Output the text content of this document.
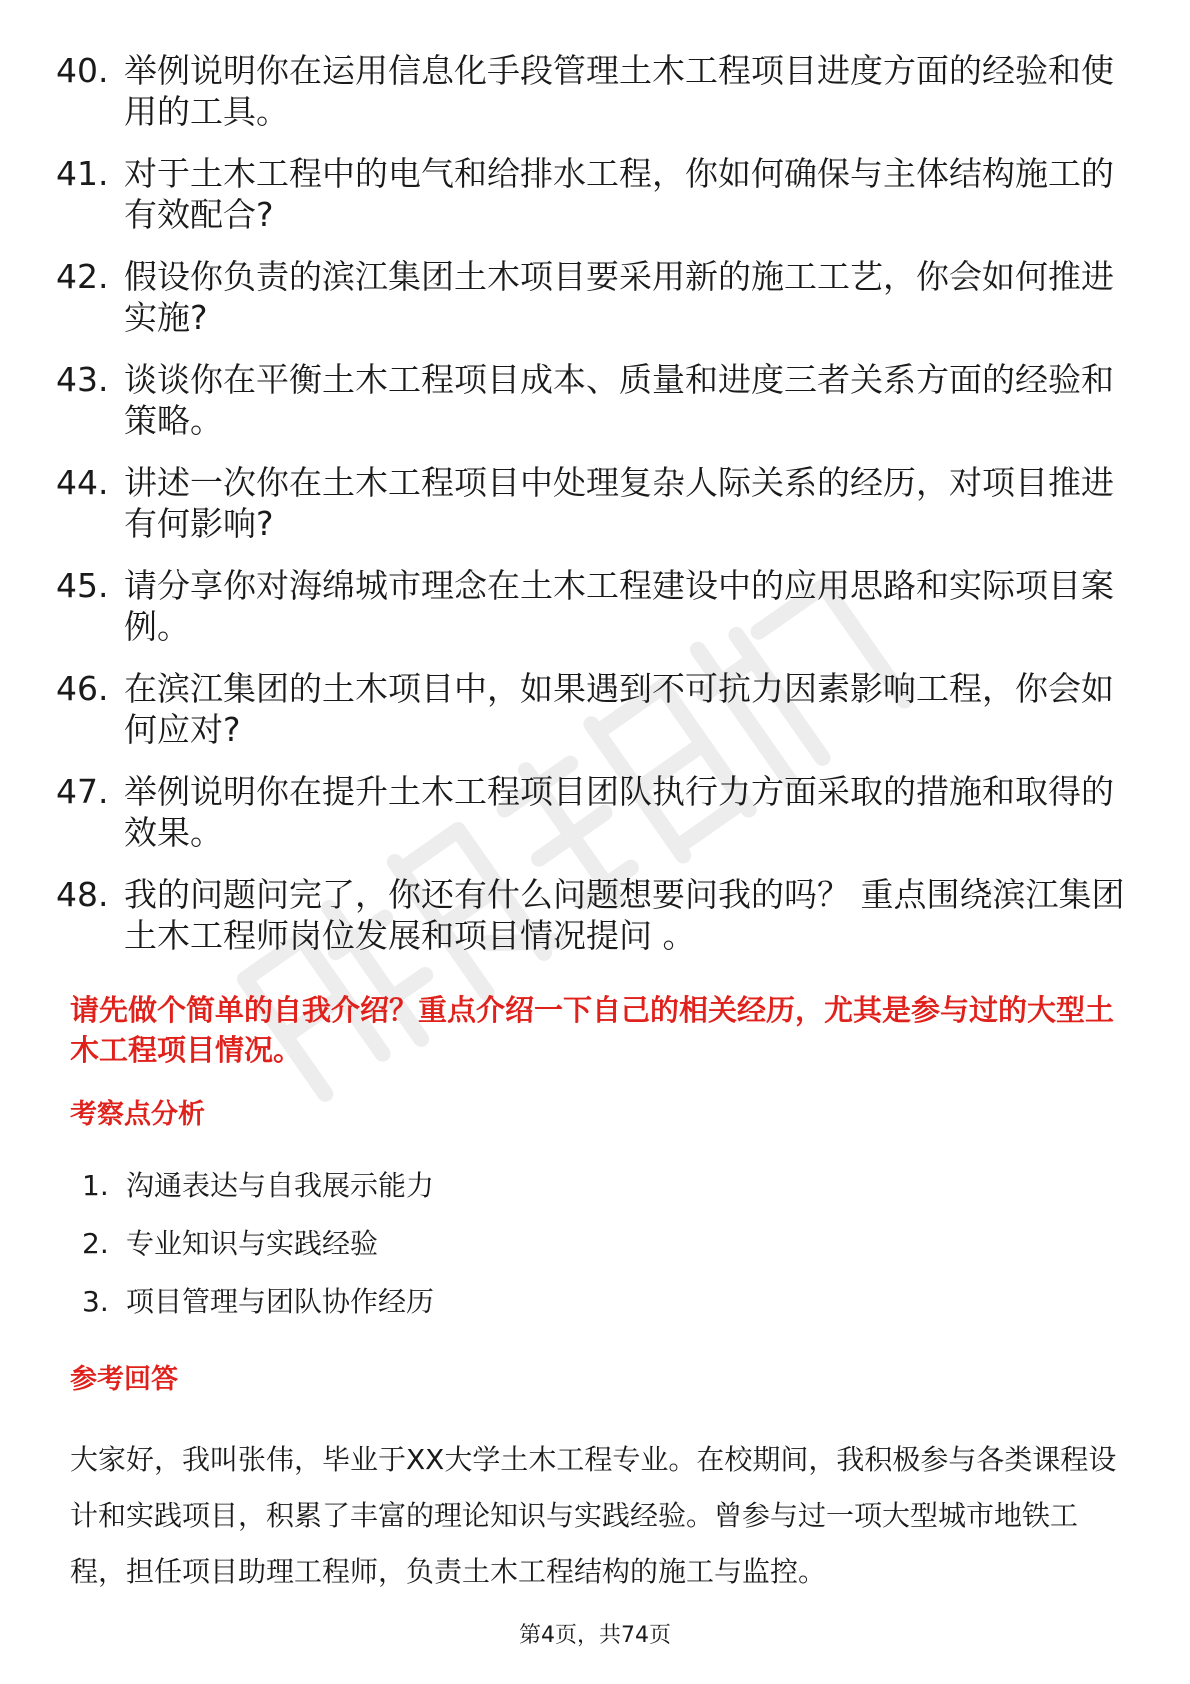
40. 举例说明你在运用信息化手段管理土木工程项目进度方面的经验和使用的工具。
41. 对于土木工程中的电气和给排水工程，你如何确保与主体结构施工的有效配合?
42. 假设你负责的滨江集团土木项目要采用新的施工工艺，你会如何推进实施?
43. 谈谈你在平衡土木工程项目成本、质量和进度三者关系方面的经验和策略。
44. 讲述一次你在土木工程项目中处理复杂人际关系的经历，对项目推进有何影响?
45. 请分享你对海绵城市理念在土木工程建设中的应用思路和实际项目案例。
46. 在滨江集团的土木项目中，如果遇到不可抗力因素影响工程，你会如何应对?
47. 举例说明你在提升土木工程项目团队执行力方面采取的措施和取得的效果。
48. 我的问题问完了，你还有什么问题想要问我的吗？ 重点围绕滨江集团土木工程师岗位发展和项目情况提问 。
请先做个简单的自我介绍？重点介绍一下自己的相关经历，尤其是参与过的大型土木工程项目情况。
考察点分析
1. 沟通表达与自我展示能力
2. 专业知识与实践经验
3. 项目管理与团队协作经历
参考回答

大家好，我叫张伟，毕业于XX大学土木工程专业。在校期间，我积极参与各类课程设计和实践项目，积累了丰富的理论知识与实践经验。曾参与过一项大型城市地铁工程，担任项目助理工程师，负责土木工程结构的施工与监控。

第4页，共74页
